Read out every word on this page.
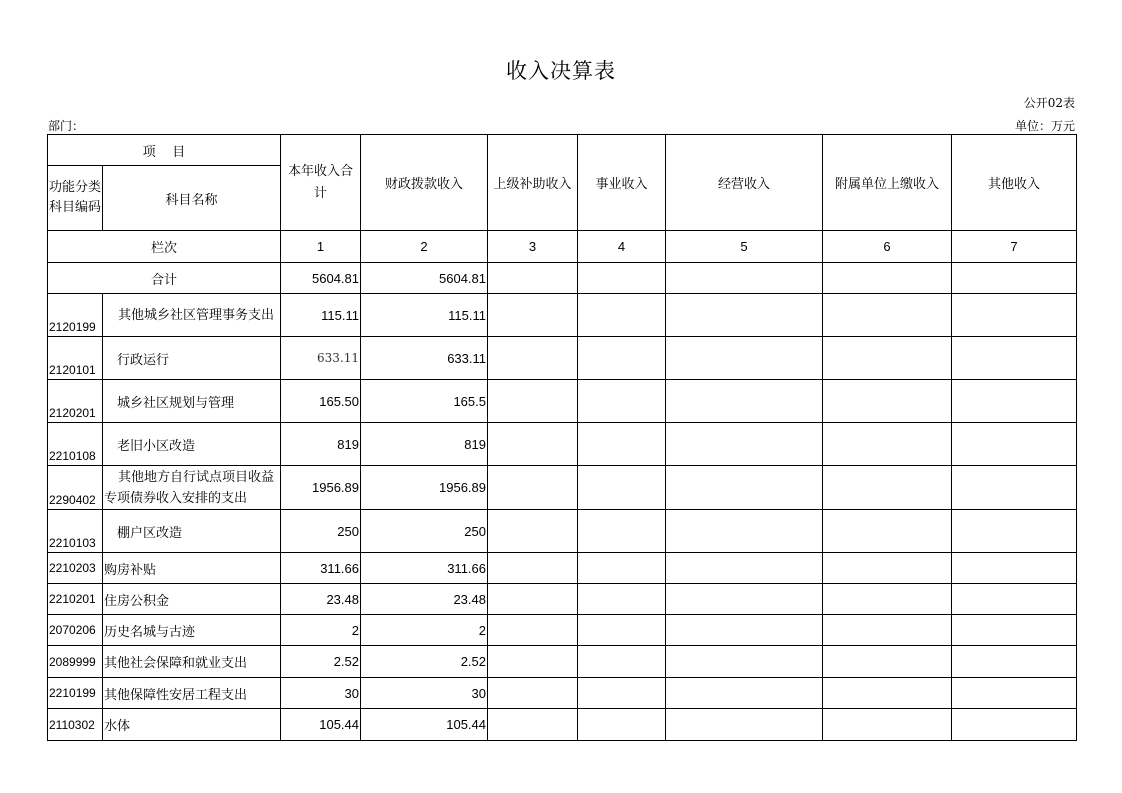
收入决算表
公开02表
部门：	单位：万元
项    目		本年收入合计	财政拨款收入	上级补助收入	事业收入	经营收入	附属单位上缴收入	其他收入
功能分类科目编码	科目名称							
栏次		1	2	3	4	5	6	7
合计		5604.81	5604.81					
2120199	其他城乡社区管理事务支出	115.11	115.11					
2120101	行政运行	633.11	633.11					
2120201	城乡社区规划与管理	165.50	165.5					
2210108	老旧小区改造	819	819					
2290402	其他地方自行试点项目收益专项债券收入安排的支出	1956.89	1956.89					
2210103	棚户区改造	250	250					
2210203	购房补贴	311.66	311.66					
2210201	住房公积金	23.48	23.48					
2070206	历史名城与古迹	2	2					
2089999	其他社会保障和就业支出	2.52	2.52					
2210199	其他保障性安居工程支出	30	30					
2110302	水体	105.44	105.44					
